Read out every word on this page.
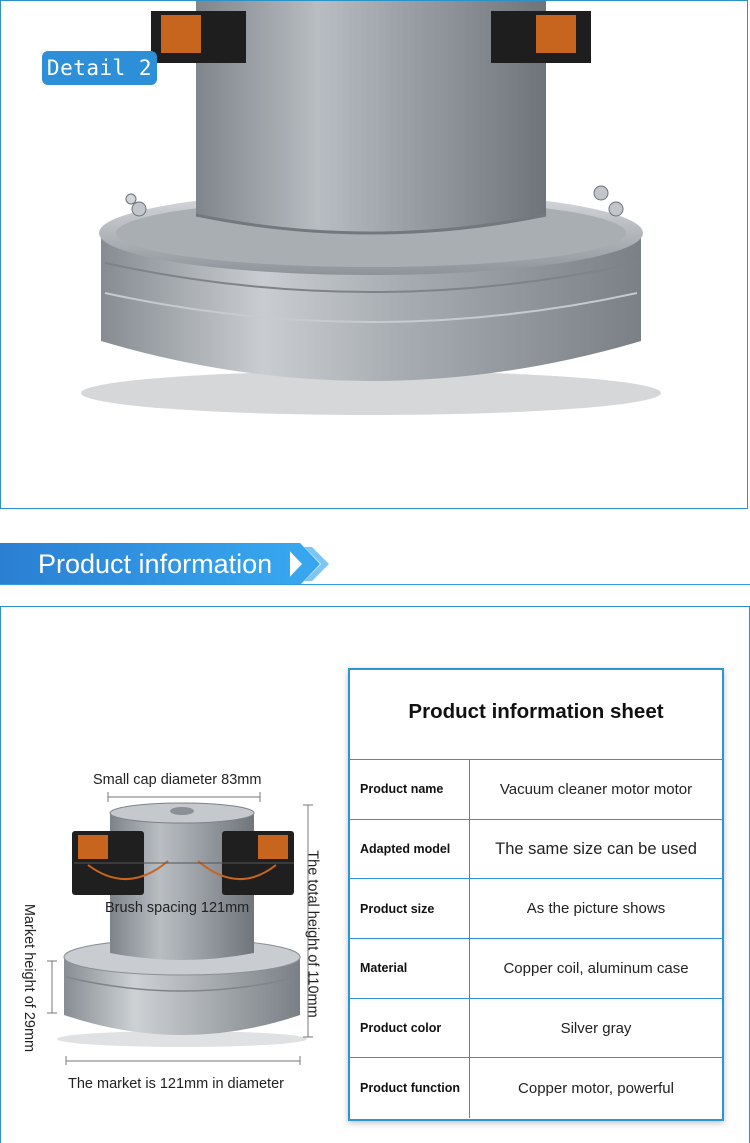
Detail 2
Product information
Small cap diameter 83mm
Brush spacing 121mm
The market is 121mm in diameter
The total height of 110mm
Market height of 29mm
Product information sheet
Product name	Vacuum cleaner motor motor
Adapted model	The same size can be used
Product size	As the picture shows
Material	Copper coil, aluminum case
Product color	Silver gray
Product function	Copper motor, powerful
